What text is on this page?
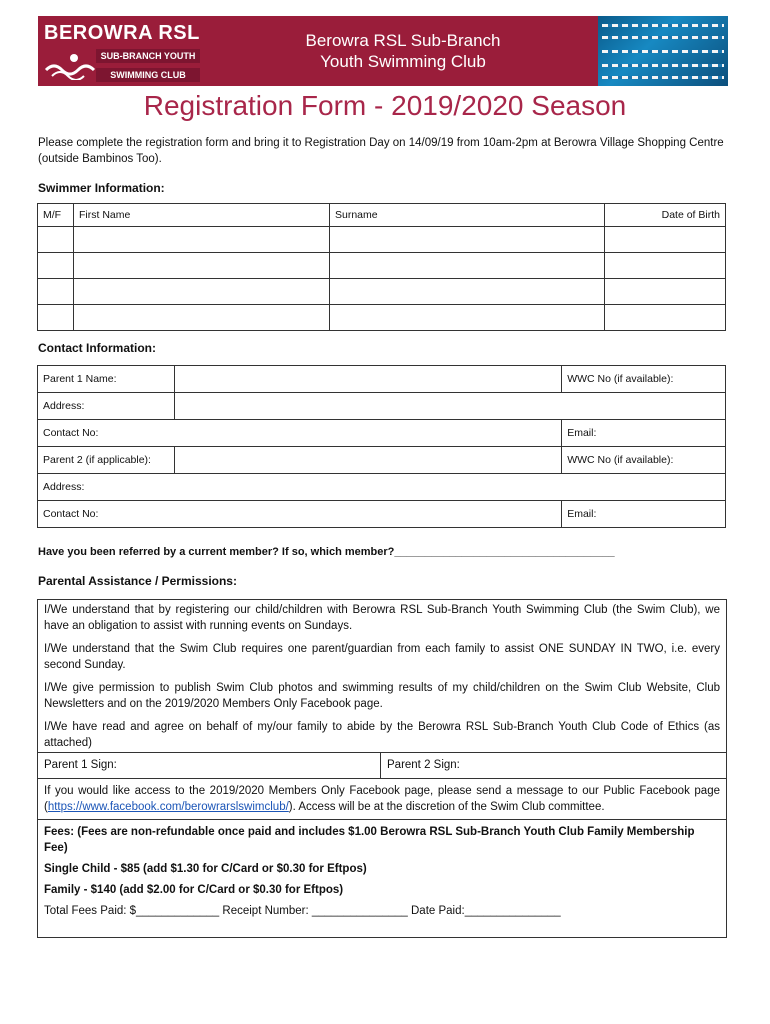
BEROWRA RSL
SUB-BRANCH YOUTH
SWIMMING CLUB
Berowra RSL Sub-Branch
Youth Swimming Club
Registration Form - 2019/2020 Season
Please complete the registration form and bring it to Registration Day on 14/09/19 from 10am-2pm at Berowra Village Shopping Centre (outside Bambinos Too).
Swimmer Information:
M/F	First Name	Surname	Date of Birth

Contact Information:
Parent 1 Name:		WWC No (if available):
Address:		
Contact No:		Email:
Parent 2 (if applicable):		WWC No (if available):
Address:		
Contact No:		Email:
Have you been referred by a current member? If so, which member?____________________________________
Parental Assistance / Permissions:

I/We understand that by registering our child/children with Berowra RSL Sub-Branch Youth Swimming Club (the Swim Club), we have an obligation to assist with running events on Sundays.

I/We understand that the Swim Club requires one parent/guardian from each family to assist ONE SUNDAY IN TWO, i.e. every second Sunday.

I/We give permission to publish Swim Club photos and swimming results of my child/children on the Swim Club Website, Club Newsletters and on the 2019/2020 Members Only Facebook page.

I/We have read and agree on behalf of my/our family to abide by the Berowra RSL Sub-Branch Youth Club Code of Ethics (as attached)

Parent 1 Sign:	Parent 2 Sign:
If you would like access to the 2019/2020 Members Only Facebook page, please send a message to our Public Facebook page (https://www.facebook.com/berowrarslswimclub/). Access will be at the discretion of the Swim Club committee.
Fees: (Fees are non-refundable once paid and includes $1.00 Berowra RSL Sub-Branch Youth Club Family Membership Fee)
Single Child - $85 (add $1.30 for C/Card or $0.30 for Eftpos)
Family - $140 (add $2.00 for C/Card or $0.30 for Eftpos)
Total Fees Paid: $_____________ Receipt Number: _______________ Date Paid:_______________
